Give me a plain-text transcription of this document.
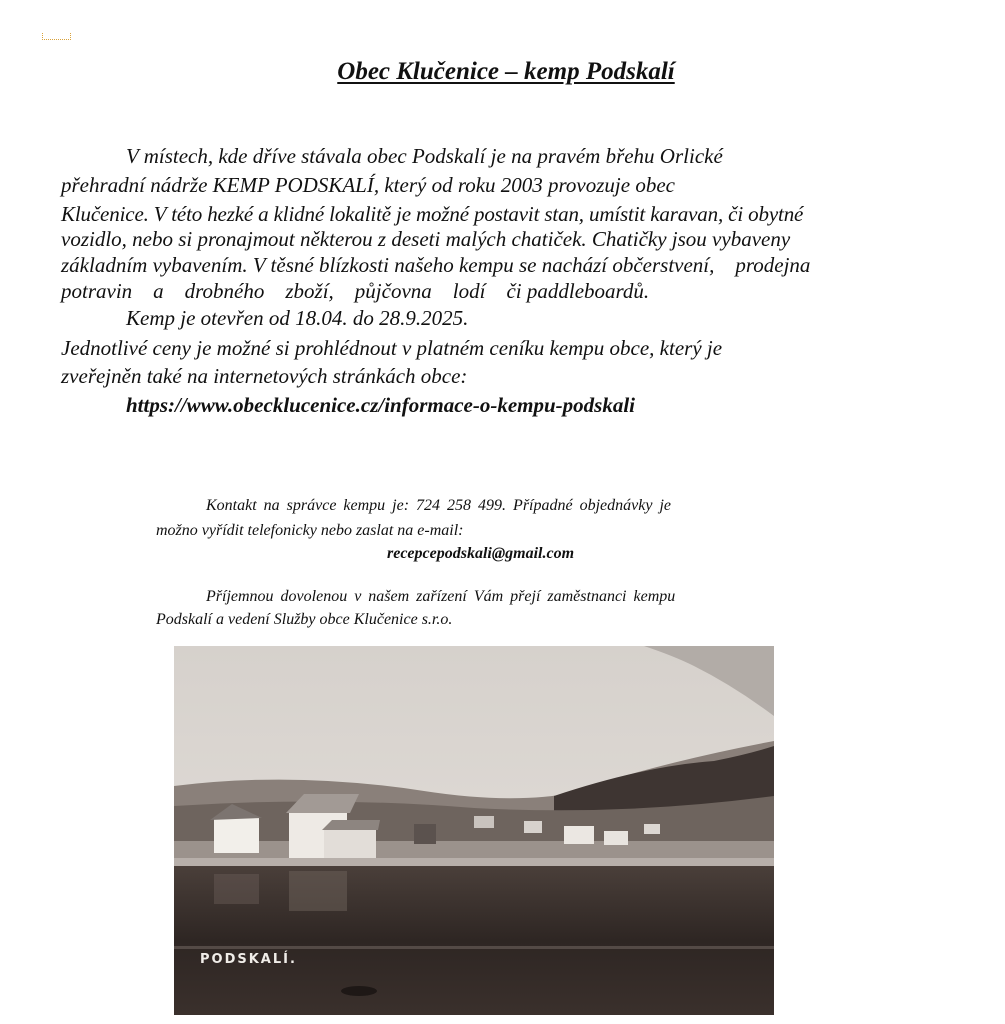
Obec Klučenice – kemp Podskalí
V místech, kde dříve stávala obec Podskalí je na pravém břehu Orlické
přehradní nádrže KEMP PODSKALÍ, který od roku 2003 provozuje obec
Klučenice. V této hezké a klidné lokalitě je možné postavit stan, umístit karavan, či obytné
vozidlo, nebo si pronajmout některou z deseti malých chatiček. Chatičky jsou vybaveny
základním vybavením. V těsné blízkosti našeho kempu se nachází občerstvení,    prodejna
potravin    a    drobného    zboží,    půjčovna    lodí    či paddleboardů.
Kemp je otevřen od 18.04. do 28.9.2025.
Jednotlivé ceny je možné si prohlédnout v platném ceníku kempu obce, který je
zveřejněn také na internetových stránkách obce:
https://www.obecklucenice.cz/informace-o-kempu-podskali
Kontakt na správce kempu je: 724 258 499. Případné objednávky je
možno vyřídit telefonicky nebo zaslat na e-mail:
recepcepodskali@gmail.com
Příjemnou dovolenou v našem zařízení Vám přejí zaměstnanci kempu
Podskalí a vedení Služby obce Klučenice s.r.o.
PODSKALÍ.
